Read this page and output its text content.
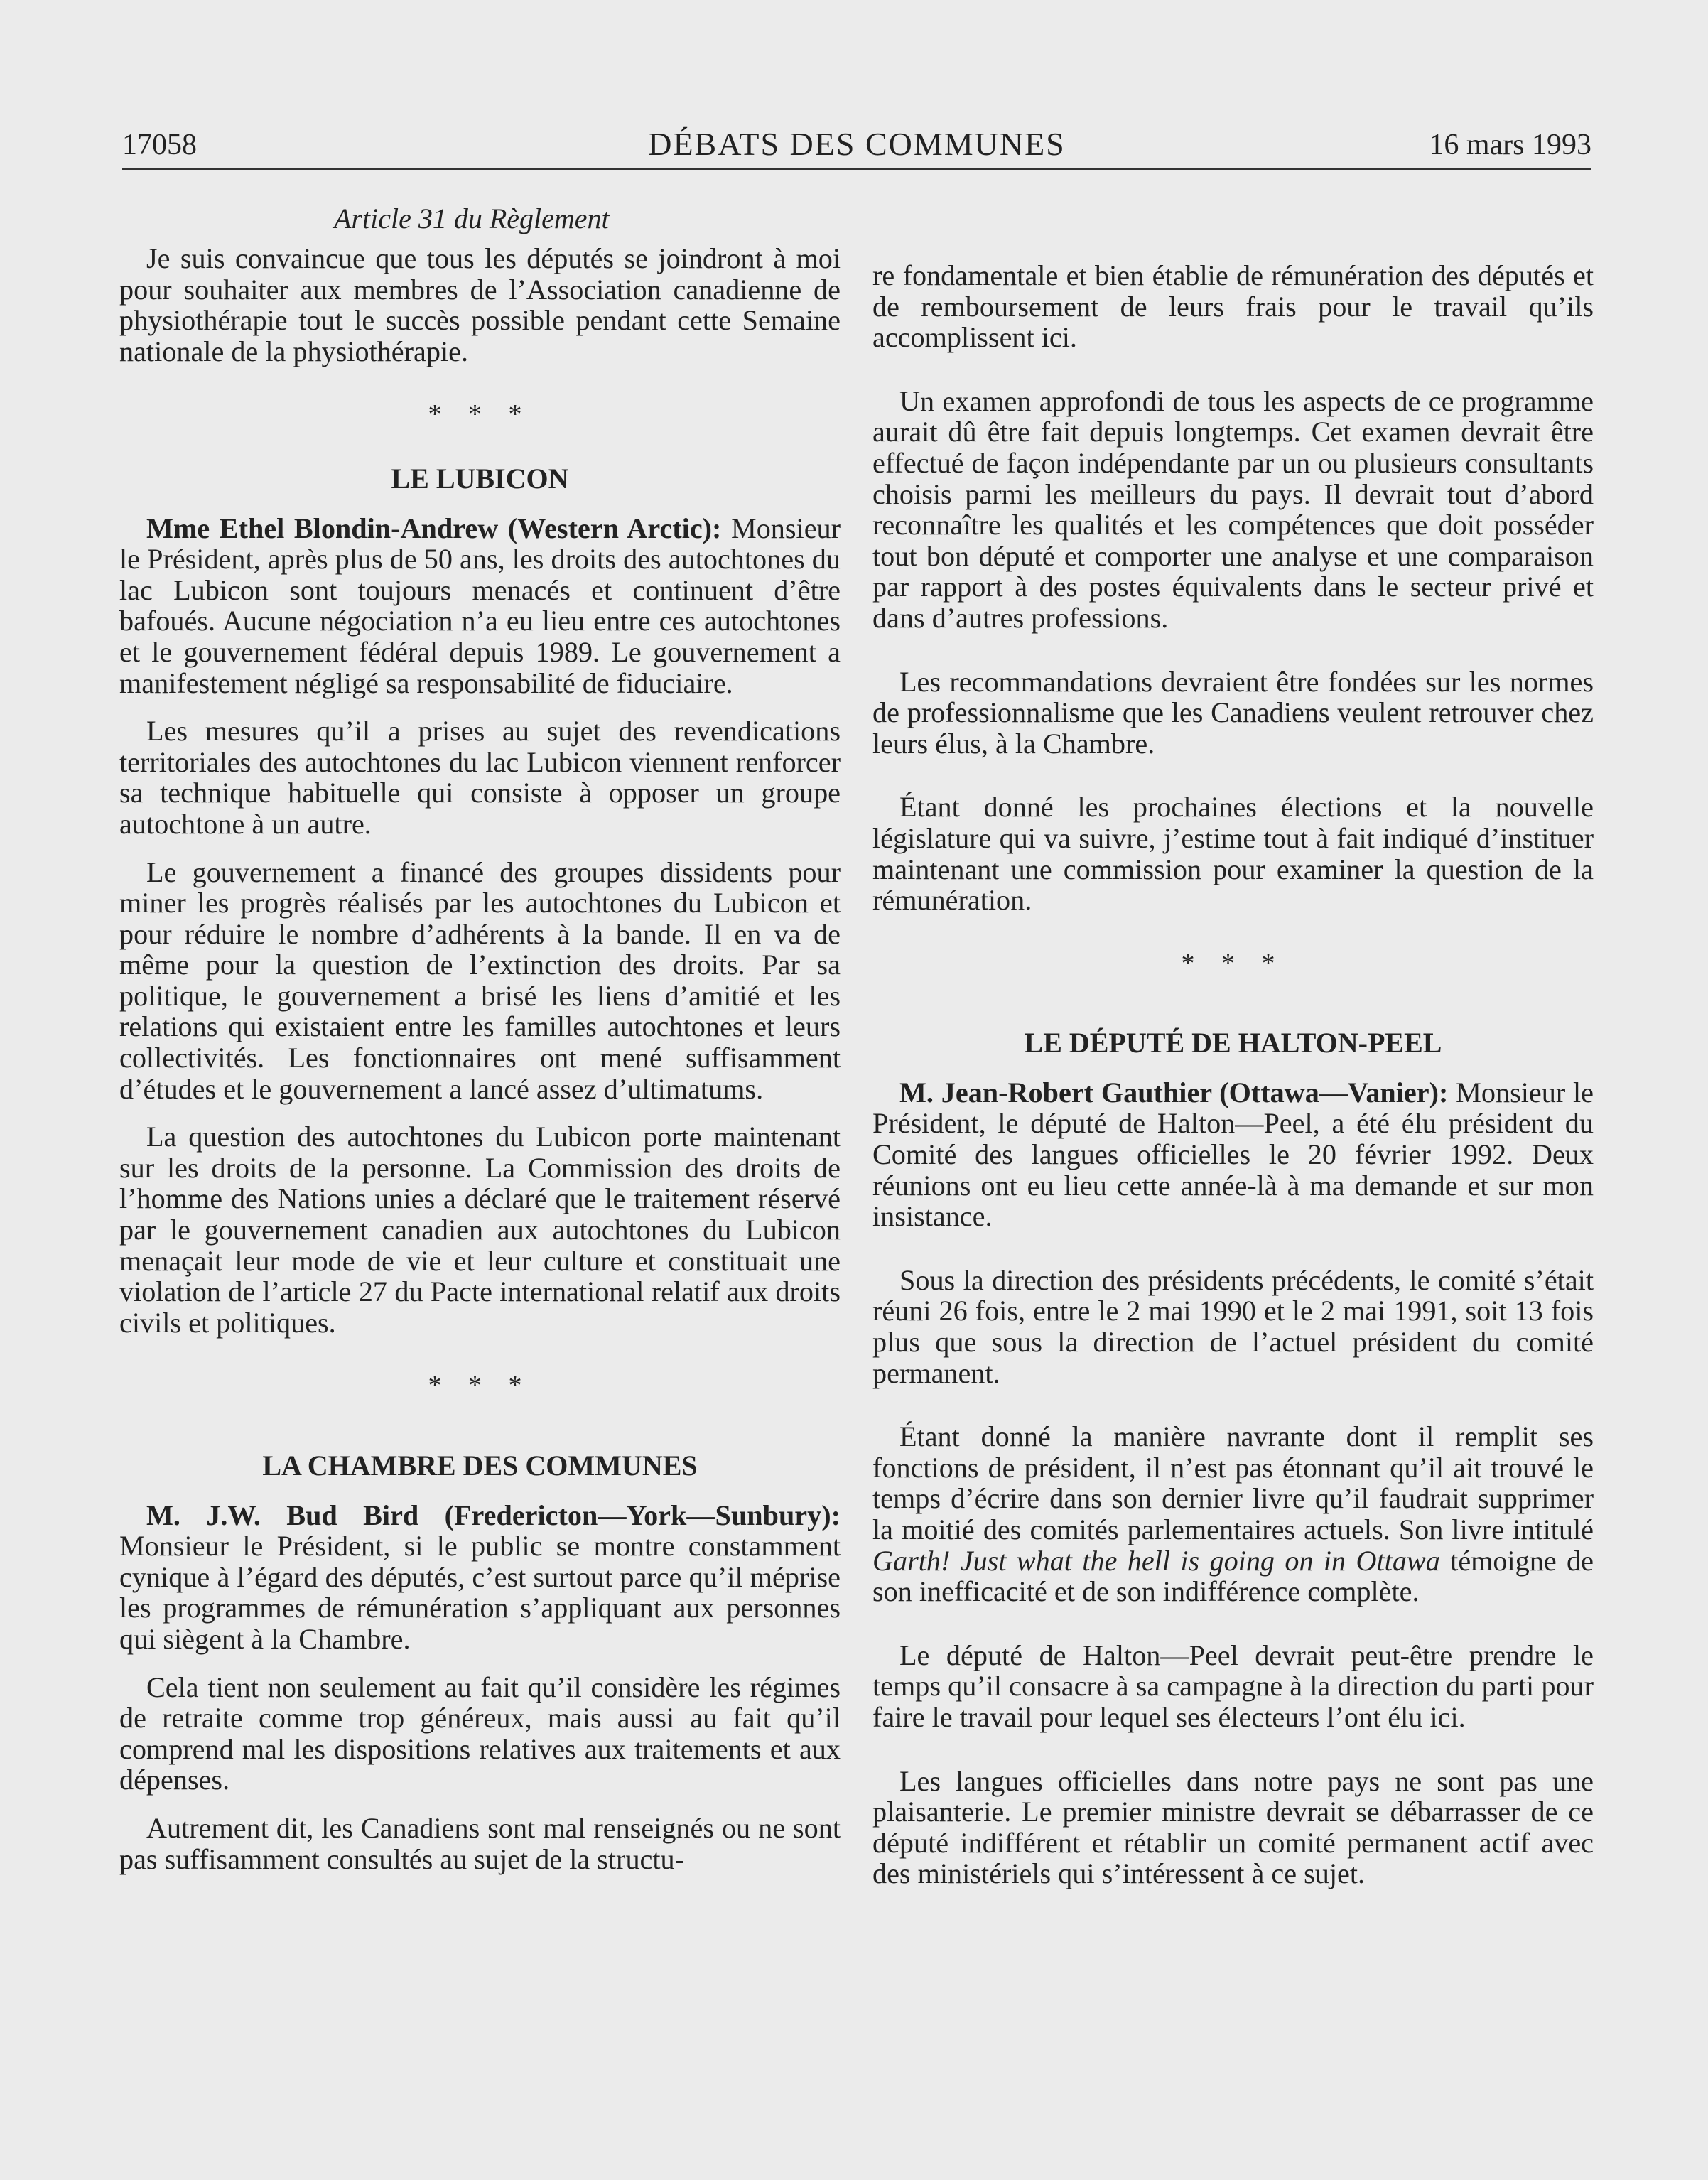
17058	DÉBATS DES COMMUNES	16 mars 1993
Article 31 du Règlement

Je suis convaincue que tous les députés se joindront à moi pour souhaiter aux membres de l’Association canadienne de physiothérapie tout le succès possible pendant cette Semaine nationale de la physiothérapie.

* * *
LE LUBICON

Mme Ethel Blondin-Andrew (Western Arctic): Monsieur le Président, après plus de 50 ans, les droits des autochtones du lac Lubicon sont toujours menacés et continuent d’être bafoués. Aucune négociation n’a eu lieu entre ces autochtones et le gouvernement fédéral depuis 1989. Le gouvernement a manifestement négligé sa responsabilité de fiduciaire.

Les mesures qu’il a prises au sujet des revendications territoriales des autochtones du lac Lubicon viennent renforcer sa technique habituelle qui consiste à opposer un groupe autochtone à un autre.

Le gouvernement a financé des groupes dissidents pour miner les progrès réalisés par les autochtones du Lubicon et pour réduire le nombre d’adhérents à la bande. Il en va de même pour la question de l’extinction des droits. Par sa politique, le gouvernement a brisé les liens d’amitié et les relations qui existaient entre les familles autochtones et leurs collectivités. Les fonctionnaires ont mené suffisamment d’études et le gouvernement a lancé assez d’ultimatums.

La question des autochtones du Lubicon porte maintenant sur les droits de la personne. La Commission des droits de l’homme des Nations unies a déclaré que le traitement réservé par le gouvernement canadien aux autochtones du Lubicon menaçait leur mode de vie et leur culture et constituait une violation de l’article 27 du Pacte international relatif aux droits civils et politiques.

* * *
LA CHAMBRE DES COMMUNES

M. J.W. Bud Bird (Fredericton—York—Sunbury): Monsieur le Président, si le public se montre constamment cynique à l’égard des députés, c’est surtout parce qu’il méprise les programmes de rémunération s’appliquant aux personnes qui siègent à la Chambre.

Cela tient non seulement au fait qu’il considère les régimes de retraite comme trop généreux, mais aussi au fait qu’il comprend mal les dispositions relatives aux traitements et aux dépenses.

Autrement dit, les Canadiens sont mal renseignés ou ne sont pas suffisamment consultés au sujet de la structu-

re fondamentale et bien établie de rémunération des députés et de remboursement de leurs frais pour le travail qu’ils accomplissent ici.

Un examen approfondi de tous les aspects de ce programme aurait dû être fait depuis longtemps. Cet examen devrait être effectué de façon indépendante par un ou plusieurs consultants choisis parmi les meilleurs du pays. Il devrait tout d’abord reconnaître les qualités et les compétences que doit posséder tout bon député et comporter une analyse et une comparaison par rapport à des postes équivalents dans le secteur privé et dans d’autres professions.

Les recommandations devraient être fondées sur les normes de professionnalisme que les Canadiens veulent retrouver chez leurs élus, à la Chambre.

Étant donné les prochaines élections et la nouvelle législature qui va suivre, j’estime tout à fait indiqué d’instituer maintenant une commission pour examiner la question de la rémunération.

* * *
LE DÉPUTÉ DE HALTON-PEEL

M. Jean-Robert Gauthier (Ottawa—Vanier): Monsieur le Président, le député de Halton—Peel, a été élu président du Comité des langues officielles le 20 février 1992. Deux réunions ont eu lieu cette année-là à ma demande et sur mon insistance.

Sous la direction des présidents précédents, le comité s’était réuni 26 fois, entre le 2 mai 1990 et le 2 mai 1991, soit 13 fois plus que sous la direction de l’actuel président du comité permanent.

Étant donné la manière navrante dont il remplit ses fonctions de président, il n’est pas étonnant qu’il ait trouvé le temps d’écrire dans son dernier livre qu’il faudrait supprimer la moitié des comités parlementaires actuels. Son livre intitulé Garth! Just what the hell is going on in Ottawa témoigne de son inefficacité et de son indifférence complète.

Le député de Halton—Peel devrait peut-être prendre le temps qu’il consacre à sa campagne à la direction du parti pour faire le travail pour lequel ses électeurs l’ont élu ici.

Les langues officielles dans notre pays ne sont pas une plaisanterie. Le premier ministre devrait se débarrasser de ce député indifférent et rétablir un comité permanent actif avec des ministériels qui s’intéressent à ce sujet.
